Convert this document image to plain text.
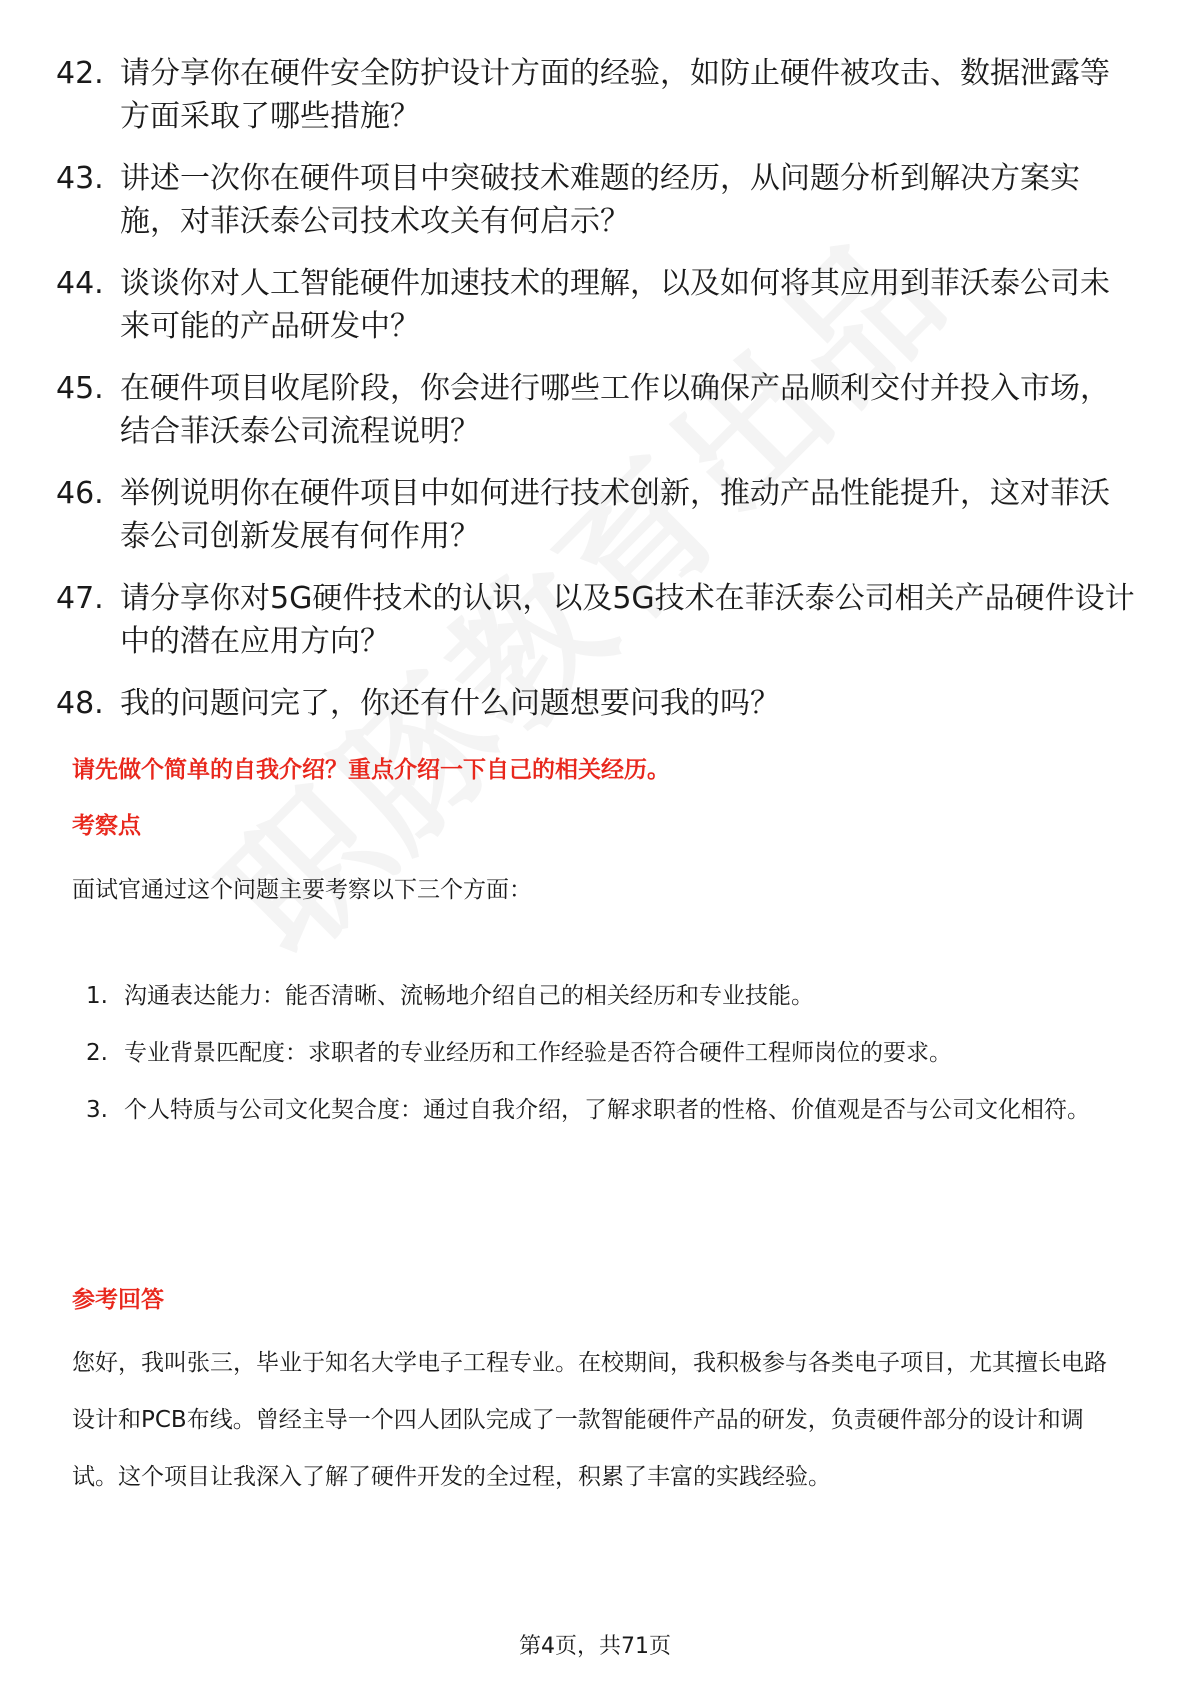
42. 请分享你在硬件安全防护设计方面的经验，如防止硬件被攻击、数据泄露等方面采取了哪些措施？
43. 讲述一次你在硬件项目中突破技术难题的经历，从问题分析到解决方案实施，对菲沃泰公司技术攻关有何启示？
44. 谈谈你对人工智能硬件加速技术的理解，以及如何将其应用到菲沃泰公司未来可能的产品研发中？
45. 在硬件项目收尾阶段，你会进行哪些工作以确保产品顺利交付并投入市场，结合菲沃泰公司流程说明？
46. 举例说明你在硬件项目中如何进行技术创新，推动产品性能提升，这对菲沃泰公司创新发展有何作用？
47. 请分享你对5G硬件技术的认识，以及5G技术在菲沃泰公司相关产品硬件设计中的潜在应用方向？
48. 我的问题问完了，你还有什么问题想要问我的吗？
请先做个简单的自我介绍？重点介绍一下自己的相关经历。
考察点
面试官通过这个问题主要考察以下三个方面：
1. 沟通表达能力：能否清晰、流畅地介绍自己的相关经历和专业技能。
2. 专业背景匹配度：求职者的专业经历和工作经验是否符合硬件工程师岗位的要求。
3. 个人特质与公司文化契合度：通过自我介绍，了解求职者的性格、价值观是否与公司文化相符。
参考回答
您好，我叫张三，毕业于知名大学电子工程专业。在校期间，我积极参与各类电子项目，尤其擅长电路设计和PCB布线。曾经主导一个四人团队完成了一款智能硬件产品的研发，负责硬件部分的设计和调试。这个项目让我深入了解了硬件开发的全过程，积累了丰富的实践经验。
第4页，共71页
